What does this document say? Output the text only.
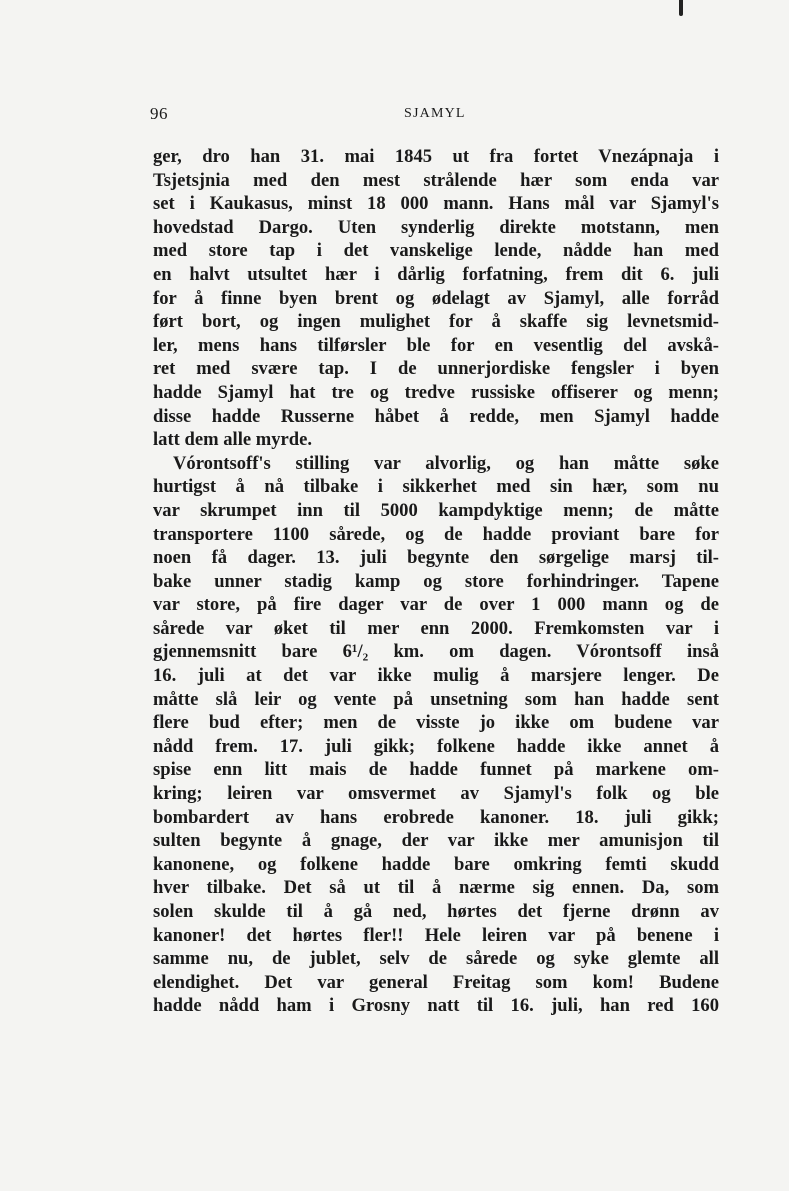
96	SJAMYL
ger, dro han 31. mai 1845 ut fra fortet Vnezápnaja i
Tsjetsjnia med den mest strålende hær som enda var
set i Kaukasus, minst 18 000 mann. Hans mål var Sjamyl's
hovedstad Dargo. Uten synderlig direkte motstann, men
med store tap i det vanskelige lende, nådde han med
en halvt utsultet hær i dårlig forfatning, frem dit 6. juli
for å finne byen brent og ødelagt av Sjamyl, alle forråd
ført bort, og ingen mulighet for å skaffe sig levnetsmid-
ler, mens hans tilførsler ble for en vesentlig del avskå-
ret med svære tap. I de unnerjordiske fengsler i byen
hadde Sjamyl hat tre og tredve russiske offiserer og menn;
disse hadde Russerne håbet å redde, men Sjamyl hadde
latt dem alle myrde.
Vórontsoff's stilling var alvorlig, og han måtte søke
hurtigst å nå tilbake i sikkerhet med sin hær, som nu
var skrumpet inn til 5000 kampdyktige menn; de måtte
transportere 1100 sårede, og de hadde proviant bare for
noen få dager. 13. juli begynte den sørgelige marsj til-
bake unner stadig kamp og store forhindringer. Tapene
var store, på fire dager var de over 1 000 mann og de
sårede var øket til mer enn 2000. Fremkomsten var i
gjennemsnitt bare 6¹/₂ km. om dagen. Vórontsoff inså
16. juli at det var ikke mulig å marsjere lenger. De
måtte slå leir og vente på unsetning som han hadde sent
flere bud efter; men de visste jo ikke om budene var
nådd frem. 17. juli gikk; folkene hadde ikke annet å
spise enn litt mais de hadde funnet på markene om-
kring; leiren var omsvermet av Sjamyl's folk og ble
bombardert av hans erobrede kanoner. 18. juli gikk;
sulten begynte å gnage, der var ikke mer amunisjon til
kanonene, og folkene hadde bare omkring femti skudd
hver tilbake. Det så ut til å nærme sig ennen. Da, som
solen skulde til å gå ned, hørtes det fjerne drønn av
kanoner! det hørtes fler!! Hele leiren var på benene i
samme nu, de jublet, selv de sårede og syke glemte all
elendighet. Det var general Freitag som kom! Budene
hadde nådd ham i Grosny natt til 16. juli, han red 160
